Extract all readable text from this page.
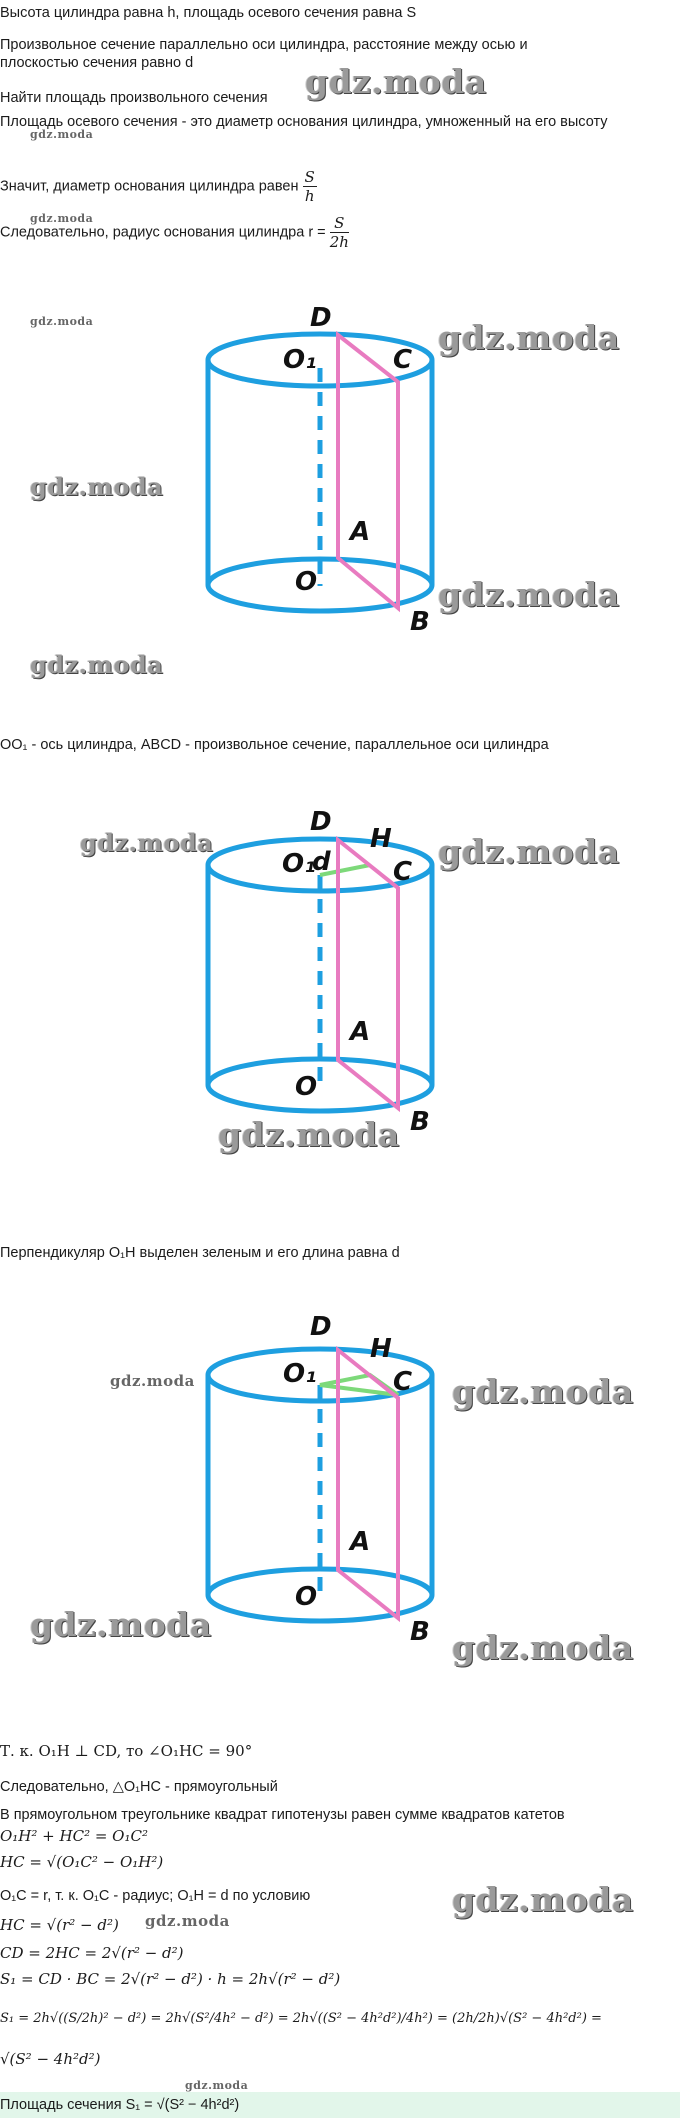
Высота цилиндра равна h, площадь осевого сечения равна S
Произвольное сечение параллельно оси цилиндра, расстояние между осью и плоскостью сечения равно d
Найти площадь произвольного сечения
Площадь осевого сечения - это диаметр основания цилиндра, умноженный на его высоту
Значит, диаметр основания цилиндра равен $\frac{S}{h}$
Следовательно, радиус основания цилиндра $r = \frac{S}{2h}$
D
O₁	C
A
O
B
OO₁ - ось цилиндра, ABCD - произвольное сечение, параллельное оси цилиндра
D
H
O₁
d C
A
O
B
Перпендикуляр O₁H выделен зеленым и его длина равна d
D
H
O₁	C
A
O
B
Т. к. O₁H ⊥ CD, то ∠O₁HC = 90°
Следовательно, △O₁HC - прямоугольный
В прямоугольном треугольнике квадрат гипотенузы равен сумме квадратов катетов
O₁H² + HC² = O₁C²
HC = √(O₁C² − O₁H²)
O₁C = r, т. к. O₁C - радиус; O₁H = d по условию
HC = √(r² − d²)
CD = 2HC = 2√(r² − d²)
S₁ = CD · BC = 2√(r² − d²) · h = 2h√(r² − d²)
S₁ = 2h√((S/2h)² − d²) = 2h√(S²/4h² − d²) = 2h√((S² − 4h²d²)/4h²) = (2h/2h)√(S² − 4h²d²) =
√(S² − 4h²d²)
Площадь сечения S₁ = √(S² − 4h²d²)
gdz.moda
gdz.moda
gdz.moda
gdz.moda	gdz.moda
gdz.moda
gdz.moda
gdz.moda
gdz.moda	gdz.moda
gdz.moda
gdz.moda	gdz.moda
gdz.moda
gdz.moda
gdz.moda
gdz.moda
gdz.moda
